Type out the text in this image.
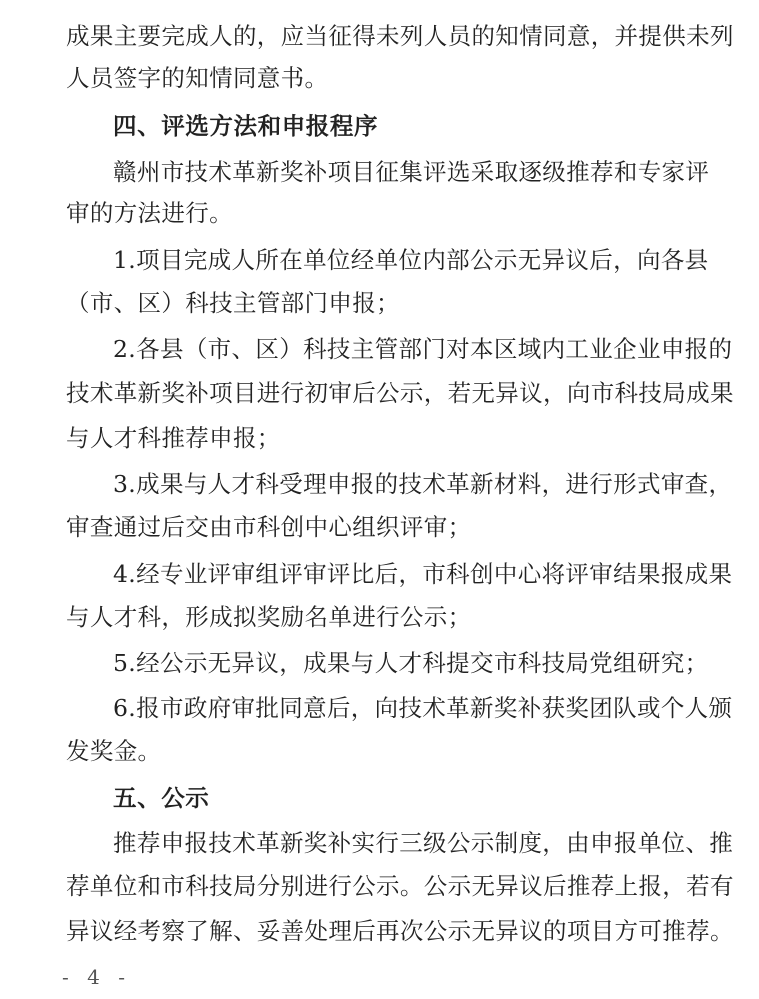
成果主要完成人的，应当征得未列人员的知情同意，并提供未列
人员签字的知情同意书。
四、评选方法和申报程序
赣州市技术革新奖补项目征集评选采取逐级推荐和专家评
审的方法进行。
1.项目完成人所在单位经单位内部公示无异议后，向各县
（市、区）科技主管部门申报；
2.各县（市、区）科技主管部门对本区域内工业企业申报的
技术革新奖补项目进行初审后公示，若无异议，向市科技局成果
与人才科推荐申报；
3.成果与人才科受理申报的技术革新材料，进行形式审查，
审查通过后交由市科创中心组织评审；
4.经专业评审组评审评比后，市科创中心将评审结果报成果
与人才科，形成拟奖励名单进行公示；
5.经公示无异议，成果与人才科提交市科技局党组研究；
6.报市政府审批同意后，向技术革新奖补获奖团队或个人颁
发奖金。
五、公示
推荐申报技术革新奖补实行三级公示制度，由申报单位、推
荐单位和市科技局分别进行公示。公示无异议后推荐上报，若有
异议经考察了解、妥善处理后再次公示无异议的项目方可推荐。
- 4 -
